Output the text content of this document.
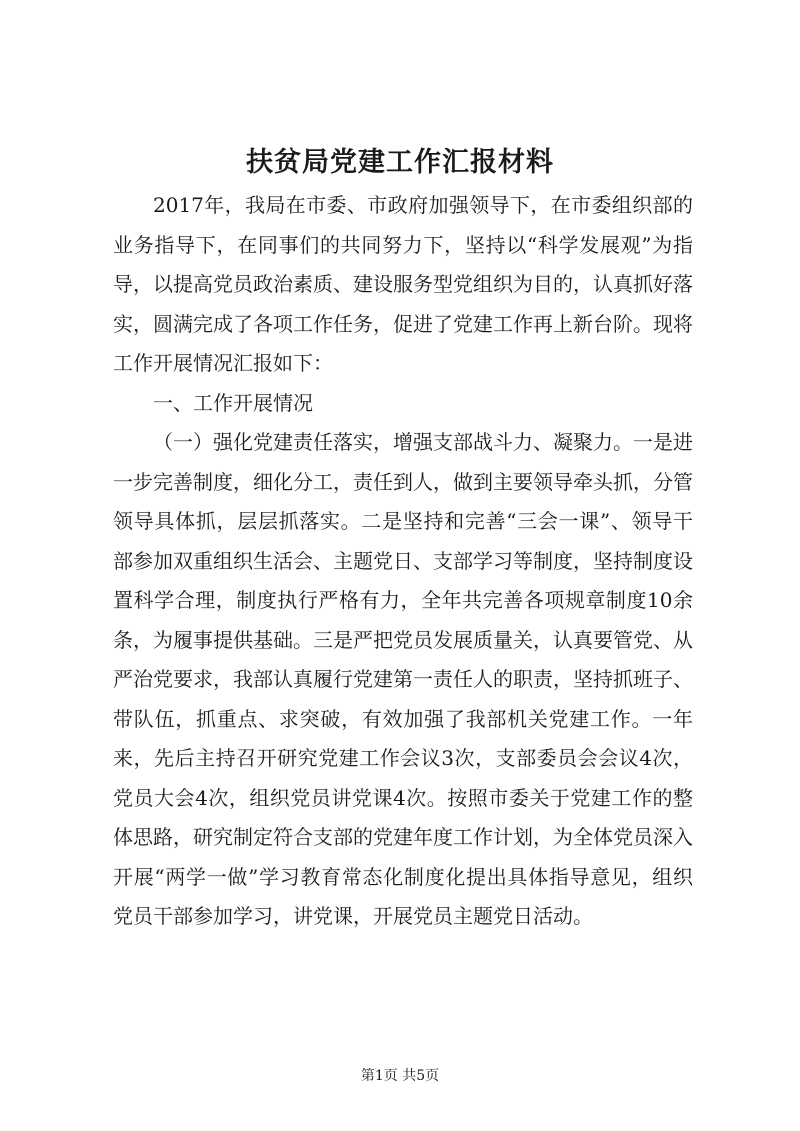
扶贫局党建工作汇报材料

2017年，我局在市委、市政府加强领导下，在市委组织部的业务指导下，在同事们的共同努力下，坚持以“科学发展观”为指导，以提高党员政治素质、建设服务型党组织为目的，认真抓好落实，圆满完成了各项工作任务，促进了党建工作再上新台阶。现将工作开展情况汇报如下：

一、工作开展情况

（一）强化党建责任落实，增强支部战斗力、凝聚力。一是进一步完善制度，细化分工，责任到人，做到主要领导牵头抓，分管领导具体抓，层层抓落实。二是坚持和完善“三会一课”、领导干部参加双重组织生活会、主题党日、支部学习等制度，坚持制度设置科学合理，制度执行严格有力，全年共完善各项规章制度10余条，为履事提供基础。三是严把党员发展质量关，认真要管党、从严治党要求，我部认真履行党建第一责任人的职责，坚持抓班子、带队伍，抓重点、求突破，有效加强了我部机关党建工作。一年来，先后主持召开研究党建工作会议3次，支部委员会会议4次，党员大会4次，组织党员讲党课4次。按照市委关于党建工作的整体思路，研究制定符合支部的党建年度工作计划，为全体党员深入开展“两学一做”学习教育常态化制度化提出具体指导意见，组织党员干部参加学习，讲党课，开展党员主题党日活动。

第1页 共5页
